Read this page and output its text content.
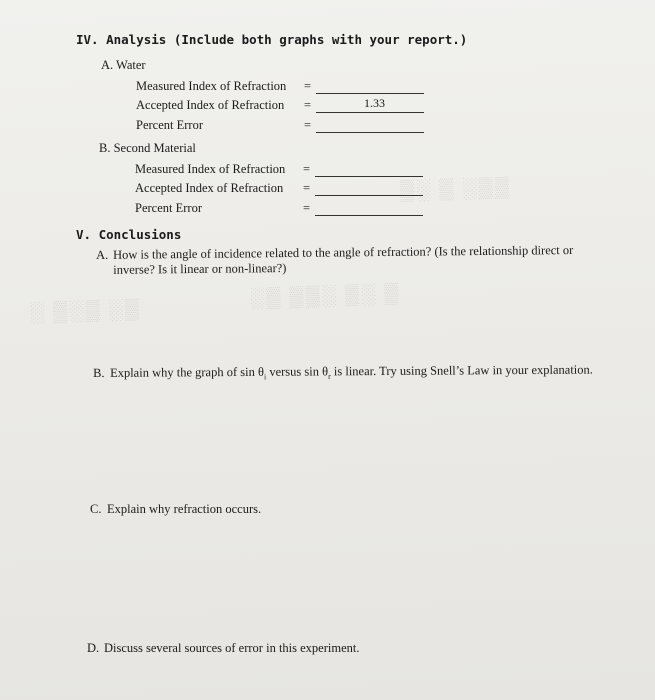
▒░ ▒ ░▒▒
░▒ ▒▒░ ▒░ ▒
░ ▒░▒ ░▒
IV. Analysis (Include both graphs with your report.)
A. Water
Measured Index of Refraction =
Accepted Index of Refraction =	1.33
Percent Error	=
B. Second Material
Measured Index of Refraction =
Accepted Index of Refraction =
Percent Error	=
V. Conclusions
A. How is the angle of incidence related to the angle of refraction? (Is the relationship direct or
inverse? Is it linear or non-linear?)
B. Explain why the graph of $\sin \theta_i$ versus $\sin \theta_r$ is linear. Try using Snell’s Law in your explanation.
C. Explain why refraction occurs.
D. Discuss several sources of error in this experiment.
